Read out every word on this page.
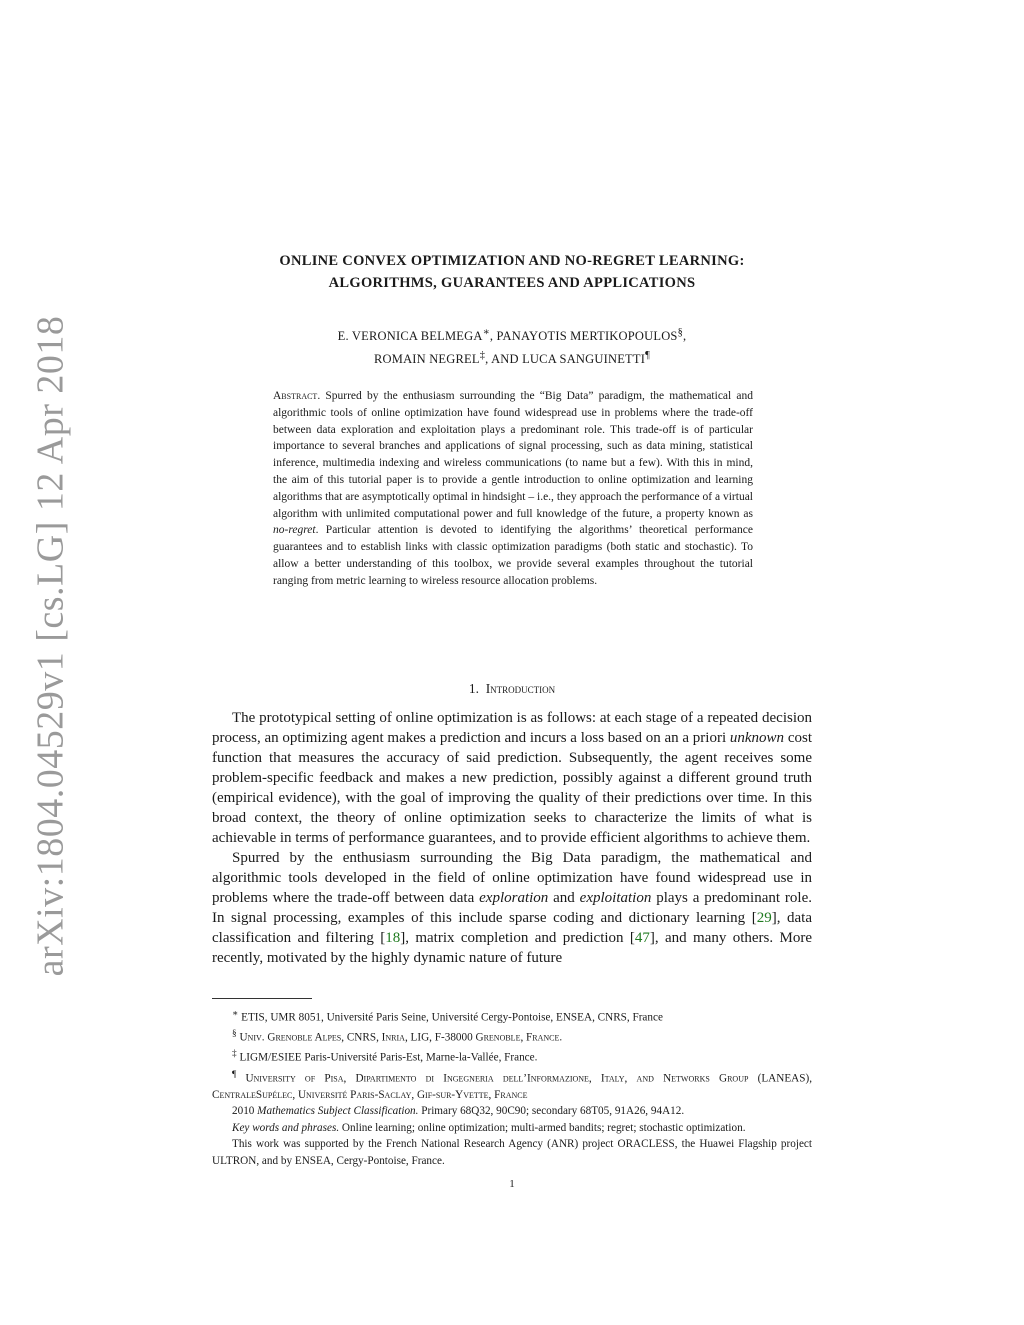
arXiv:1804.04529v1 [cs.LG] 12 Apr 2018
ONLINE CONVEX OPTIMIZATION AND NO-REGRET LEARNING:
ALGORITHMS, GUARANTEES AND APPLICATIONS
E. VERONICA BELMEGA∗, PANAYOTIS MERTIKOPOULOS§,
ROMAIN NEGREL‡, AND LUCA SANGUINETTI¶
Abstract. Spurred by the enthusiasm surrounding the “Big Data” paradigm, the mathematical and algorithmic tools of online optimization have found widespread use in problems where the trade-off between data exploration and exploitation plays a predominant role. This trade-off is of particular importance to several branches and applications of signal processing, such as data mining, statistical inference, multimedia indexing and wireless communications (to name but a few). With this in mind, the aim of this tutorial paper is to provide a gentle introduction to online optimization and learning algorithms that are asymptotically optimal in hindsight – i.e., they approach the performance of a virtual algorithm with unlimited computational power and full knowledge of the future, a property known as no-regret. Particular attention is devoted to identifying the algorithms’ theoretical performance guarantees and to establish links with classic optimization paradigms (both static and stochastic). To allow a better understanding of this toolbox, we provide several examples throughout the tutorial ranging from metric learning to wireless resource allocation problems.
1. Introduction

The prototypical setting of online optimization is as follows: at each stage of a repeated decision process, an optimizing agent makes a prediction and incurs a loss based on an a priori unknown cost function that measures the accuracy of said prediction. Subsequently, the agent receives some problem-specific feedback and makes a new prediction, possibly against a different ground truth (empirical evidence), with the goal of improving the quality of their predictions over time. In this broad context, the theory of online optimization seeks to characterize the limits of what is achievable in terms of performance guarantees, and to provide efficient algorithms to achieve them.

Spurred by the enthusiasm surrounding the Big Data paradigm, the mathematical and algorithmic tools developed in the field of online optimization have found widespread use in problems where the trade-off between data exploration and exploitation plays a predominant role. In signal processing, examples of this include sparse coding and dictionary learning [29], data classification and filtering [18], matrix completion and prediction [47], and many others. More recently, motivated by the highly dynamic nature of future

∗ ETIS, UMR 8051, Université Paris Seine, Université Cergy-Pontoise, ENSEA, CNRS, France

§ Univ. Grenoble Alpes, CNRS, Inria, LIG, F-38000 Grenoble, France.

‡ LIGM/ESIEE Paris-Université Paris-Est, Marne-la-Vallée, France.

¶ University of Pisa, Dipartimento di Ingegneria dell’Informazione, Italy, and Networks Group (LANEAS), CentraleSupélec, Université Paris-Saclay, Gif-sur-Yvette, France

2010 Mathematics Subject Classification. Primary 68Q32, 90C90; secondary 68T05, 91A26, 94A12.

Key words and phrases. Online learning; online optimization; multi-armed bandits; regret; stochastic optimization.

This work was supported by the French National Research Agency (ANR) project ORACLESS, the Huawei Flagship project ULTRON, and by ENSEA, Cergy-Pontoise, France.

1
